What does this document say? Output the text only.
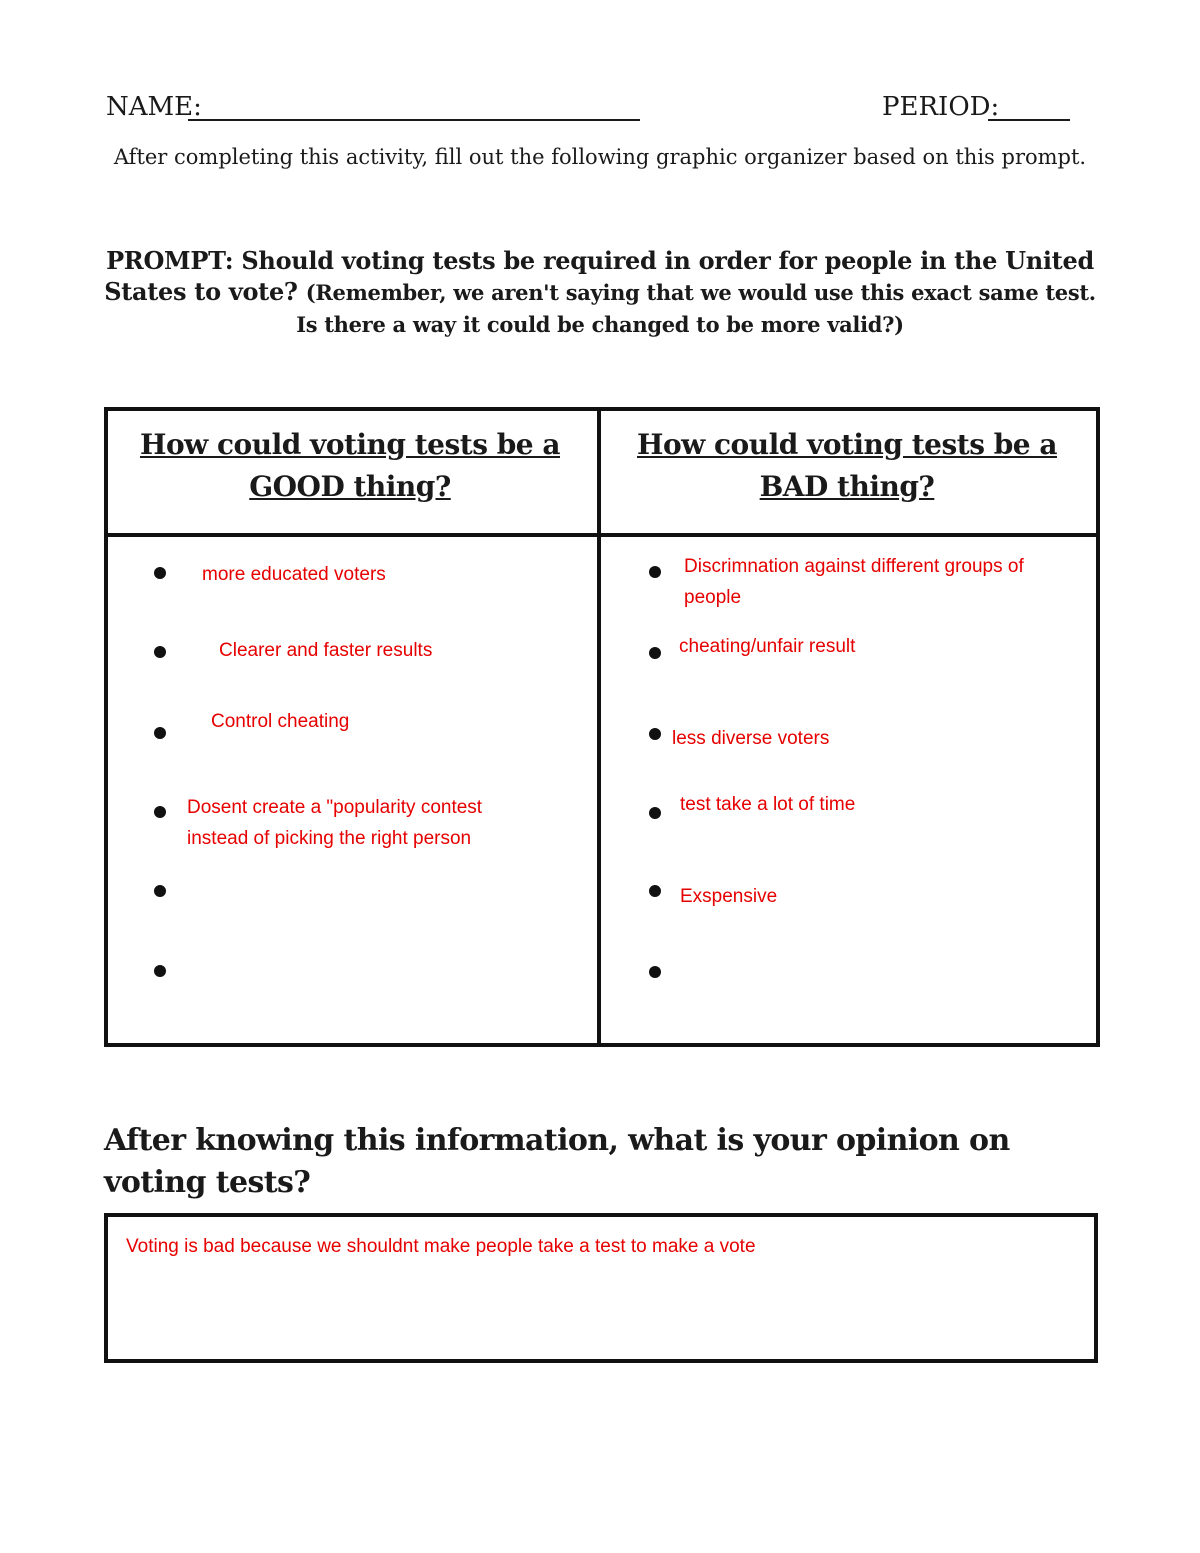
NAME:	PERIOD:
After completing this activity, fill out the following graphic organizer based on this prompt.
PROMPT: Should voting tests be required in order for people in the United States to vote? (Remember, we aren't saying that we would use this exact same test. Is there a way it could be changed to be more valid?)
How could voting tests be a GOOD thing?
How could voting tests be a BAD thing?
more educated voters
Clearer and faster results
Control cheating
Dosent create a "popularity contest instead of picking the right person
Discrimnation against different groups of people
cheating/unfair result
less diverse voters
test take a lot of time
Exspensive
After knowing this information, what is your opinion on voting tests?
Voting is bad because we shouldnt make people take a test to make a vote
